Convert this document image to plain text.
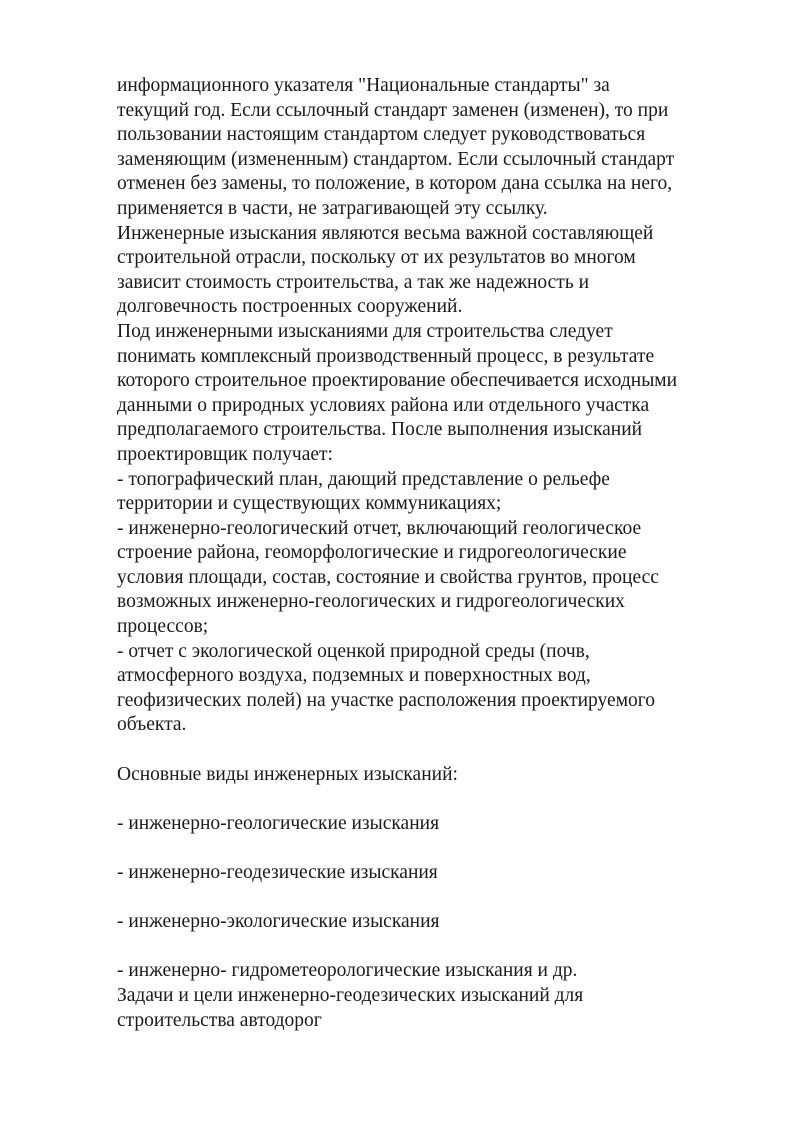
информационного указателя "Национальные стандарты" за
текущий год. Если ссылочный стандарт заменен (изменен), то при
пользовании настоящим стандартом следует руководствоваться
заменяющим (измененным) стандартом. Если ссылочный стандарт
отменен без замены, то положение, в котором дана ссылка на него,
применяется в части, не затрагивающей эту ссылку.
Инженерные изыскания являются весьма важной составляющей
строительной отрасли, поскольку от их результатов во многом
зависит стоимость строительства, а так же надежность и
долговечность построенных сооружений.
Под инженерными изысканиями для строительства следует
понимать комплексный производственный процесс, в результате
которого строительное проектирование обеспечивается исходными
данными о природных условиях района или отдельного участка
предполагаемого строительства. После выполнения изысканий
проектировщик получает:
- топографический план, дающий представление о рельефе
территории и существующих коммуникациях;
- инженерно-геологический отчет, включающий геологическое
строение района, геоморфологические и гидрогеологические
условия площади, состав, состояние и свойства грунтов, процесс
возможных инженерно-геологических и гидрогеологических
процессов;
- отчет с экологической оценкой природной среды (почв,
атмосферного воздуха, подземных и поверхностных вод,
геофизических полей) на участке расположения проектируемого
объекта.
Основные виды инженерных изысканий:
- инженерно-геологические изыскания
- инженерно-геодезические изыскания
- инженерно-экологические изыскания
- инженерно- гидрометеорологические изыскания и др.
Задачи и цели инженерно-геодезических изысканий для
строительства автодорог
